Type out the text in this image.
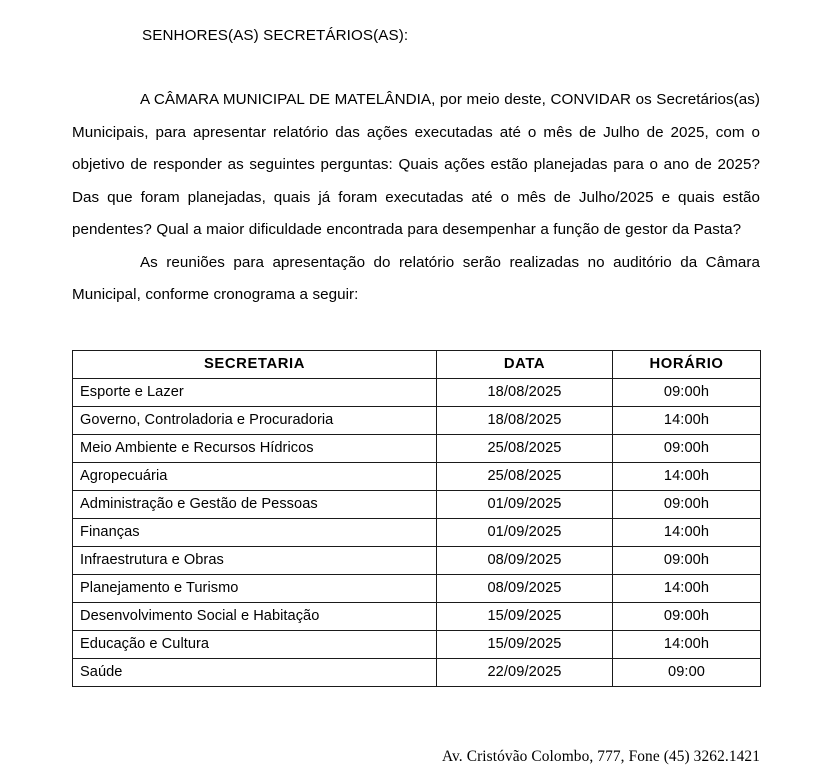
SENHORES(AS) SECRETÁRIOS(AS):

A CÂMARA MUNICIPAL DE MATELÂNDIA, por meio deste, CONVIDAR os Secretários(as) Municipais, para apresentar relatório das ações executadas até o mês de Julho de 2025, com o objetivo de responder as seguintes perguntas: Quais ações estão planejadas para o ano de 2025? Das que foram planejadas, quais já foram executadas até o mês de Julho/2025 e quais estão pendentes? Qual a maior dificuldade encontrada para desempenhar a função de gestor da Pasta?

As reuniões para apresentação do relatório serão realizadas no auditório da Câmara Municipal, conforme cronograma a seguir:

SECRETARIA	DATA	HORÁRIO
Esporte e Lazer	18/08/2025	09:00h
Governo, Controladoria e Procuradoria	18/08/2025	14:00h
Meio Ambiente e Recursos Hídricos	25/08/2025	09:00h
Agropecuária	25/08/2025	14:00h
Administração e Gestão de Pessoas	01/09/2025	09:00h
Finanças	01/09/2025	14:00h
Infraestrutura e Obras	08/09/2025	09:00h
Planejamento e Turismo	08/09/2025	14:00h
Desenvolvimento Social e Habitação	15/09/2025	09:00h
Educação e Cultura	15/09/2025	14:00h
Saúde	22/09/2025	09:00
Av. Cristóvão Colombo, 777, Fone (45) 3262.1421
